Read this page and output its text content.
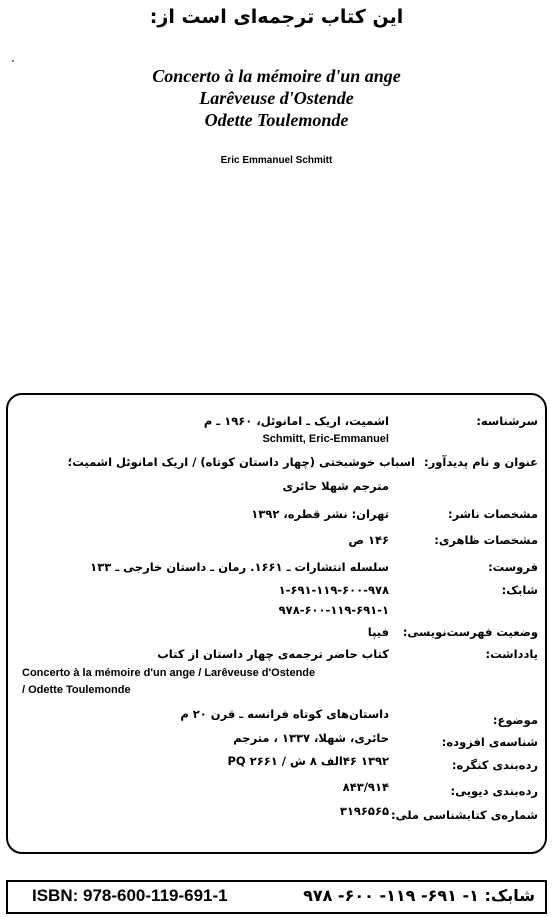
این کتاب ترجمه‌ای است از:
Concerto à la mémoire d'un ange
Larêveuse d'Ostende
Odette Toulemonde
Eric Emmanuel Schmitt
سرشناسه:
اشمیت، اریک ـ امانوئل، ۱۹۶۰ ـ م
Schmitt, Eric-Emmanuel
عنوان و نام پدیدآور:
اسباب خوشبختی (چهار داستان کوتاه) / اریک امانوئل اشمیت؛
مترجم شهلا حائری
مشخصات ناشر:
تهران: نشر قطره، ۱۳۹۲
مشخصات ظاهری:
۱۴۶ ص
فروست:
سلسله انتشارات ـ ۱۶۶۱. رمان ـ داستان خارجی ـ ۱۳۳
شابک:
۱-۶۹۱-۱۱۹-۶۰۰-۹۷۸
۹۷۸-۶۰۰-۱۱۹-۶۹۱-۱
وضعیت فهرست‌نویسی:
فیپا
یادداشت:
کتاب حاضر ترجمه‌ی چهار داستان از کتاب
Concerto à la mémoire d'un ange / Larêveuse d'Ostende
/ Odette Toulemonde
موضوع:
داستان‌های کوتاه فرانسه ـ قرن ۲۰ م
شناسه‌ی افزوده:
حائری، شهلا، ۱۳۳۷ ، مترجم
رده‌بندی کنگره:
۱۳۹۲ ۴۶الف ۸ ش / ۲۶۶۱ PQ
رده‌بندی دیویی:
۸۴۳/۹۱۴
شماره‌ی کتابشناسی ملی:
۳۱۹۶۵۶۵
ISBN: 978-600-119-691-1	شابک: ۱- ۶۹۱- ۱۱۹- ۶۰۰- ۹۷۸
